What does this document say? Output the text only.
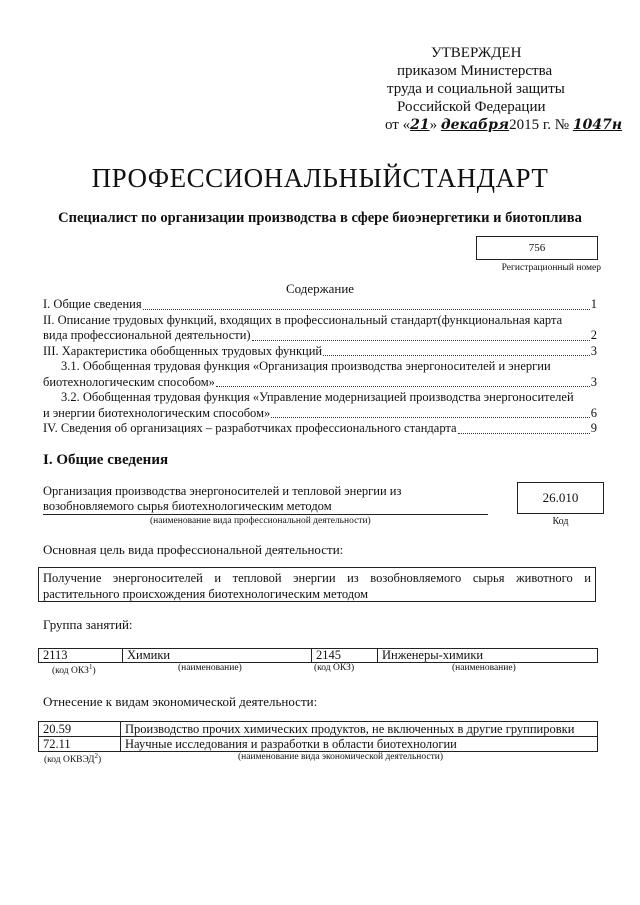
УТВЕРЖДЕН
приказом Министерства
труда и социальной защиты
Российской Федерации
от «21» декабря2015 г. № 1047н
ПРОФЕССИОНАЛЬНЫЙСТАНДАРТ
Специалист по организации производства в сфере биоэнергетики и биотоплива
756
Регистрационный номер
Содержание
I. Общие сведения	1
II. Описание трудовых функций, входящих в профессиональный стандарт(функциональная карта
вида профессиональной деятельности)	2
III. Характеристика обобщенных трудовых функций	3
3.1. Обобщенная трудовая функция «Организация производства энергоносителей и энергии
биотехнологическим способом»	3
3.2. Обобщенная трудовая функция «Управление модернизацией производства энергоносителей
и энергии биотехнологическим способом»	6
IV. Сведения об организациях – разработчиках профессионального стандарта	9
I. Общие сведения
Организация производства энергоносителей и тепловой энергии из
возобновляемого сырья биотехнологическим методом
(наименование вида профессиональной деятельности)
26.010
Код
Основная цель вида профессиональной деятельности:
Получение энергоносителей и тепловой энергии из возобновляемого сырья животного и растительного происхождения биотехнологическим методом
Группа занятий:
2113	Химики	2145	Инженеры-химики
(код ОКЗ$^1$)	(наименование)	(код ОКЗ)	(наименование)
Отнесение к видам экономической деятельности:
20.59	Производство прочих химических продуктов, не включенных в другие группировки
72.11	Научные исследования и разработки в области биотехнологии
(код ОКВЭД$^2$)	(наименование вида экономической деятельности)
